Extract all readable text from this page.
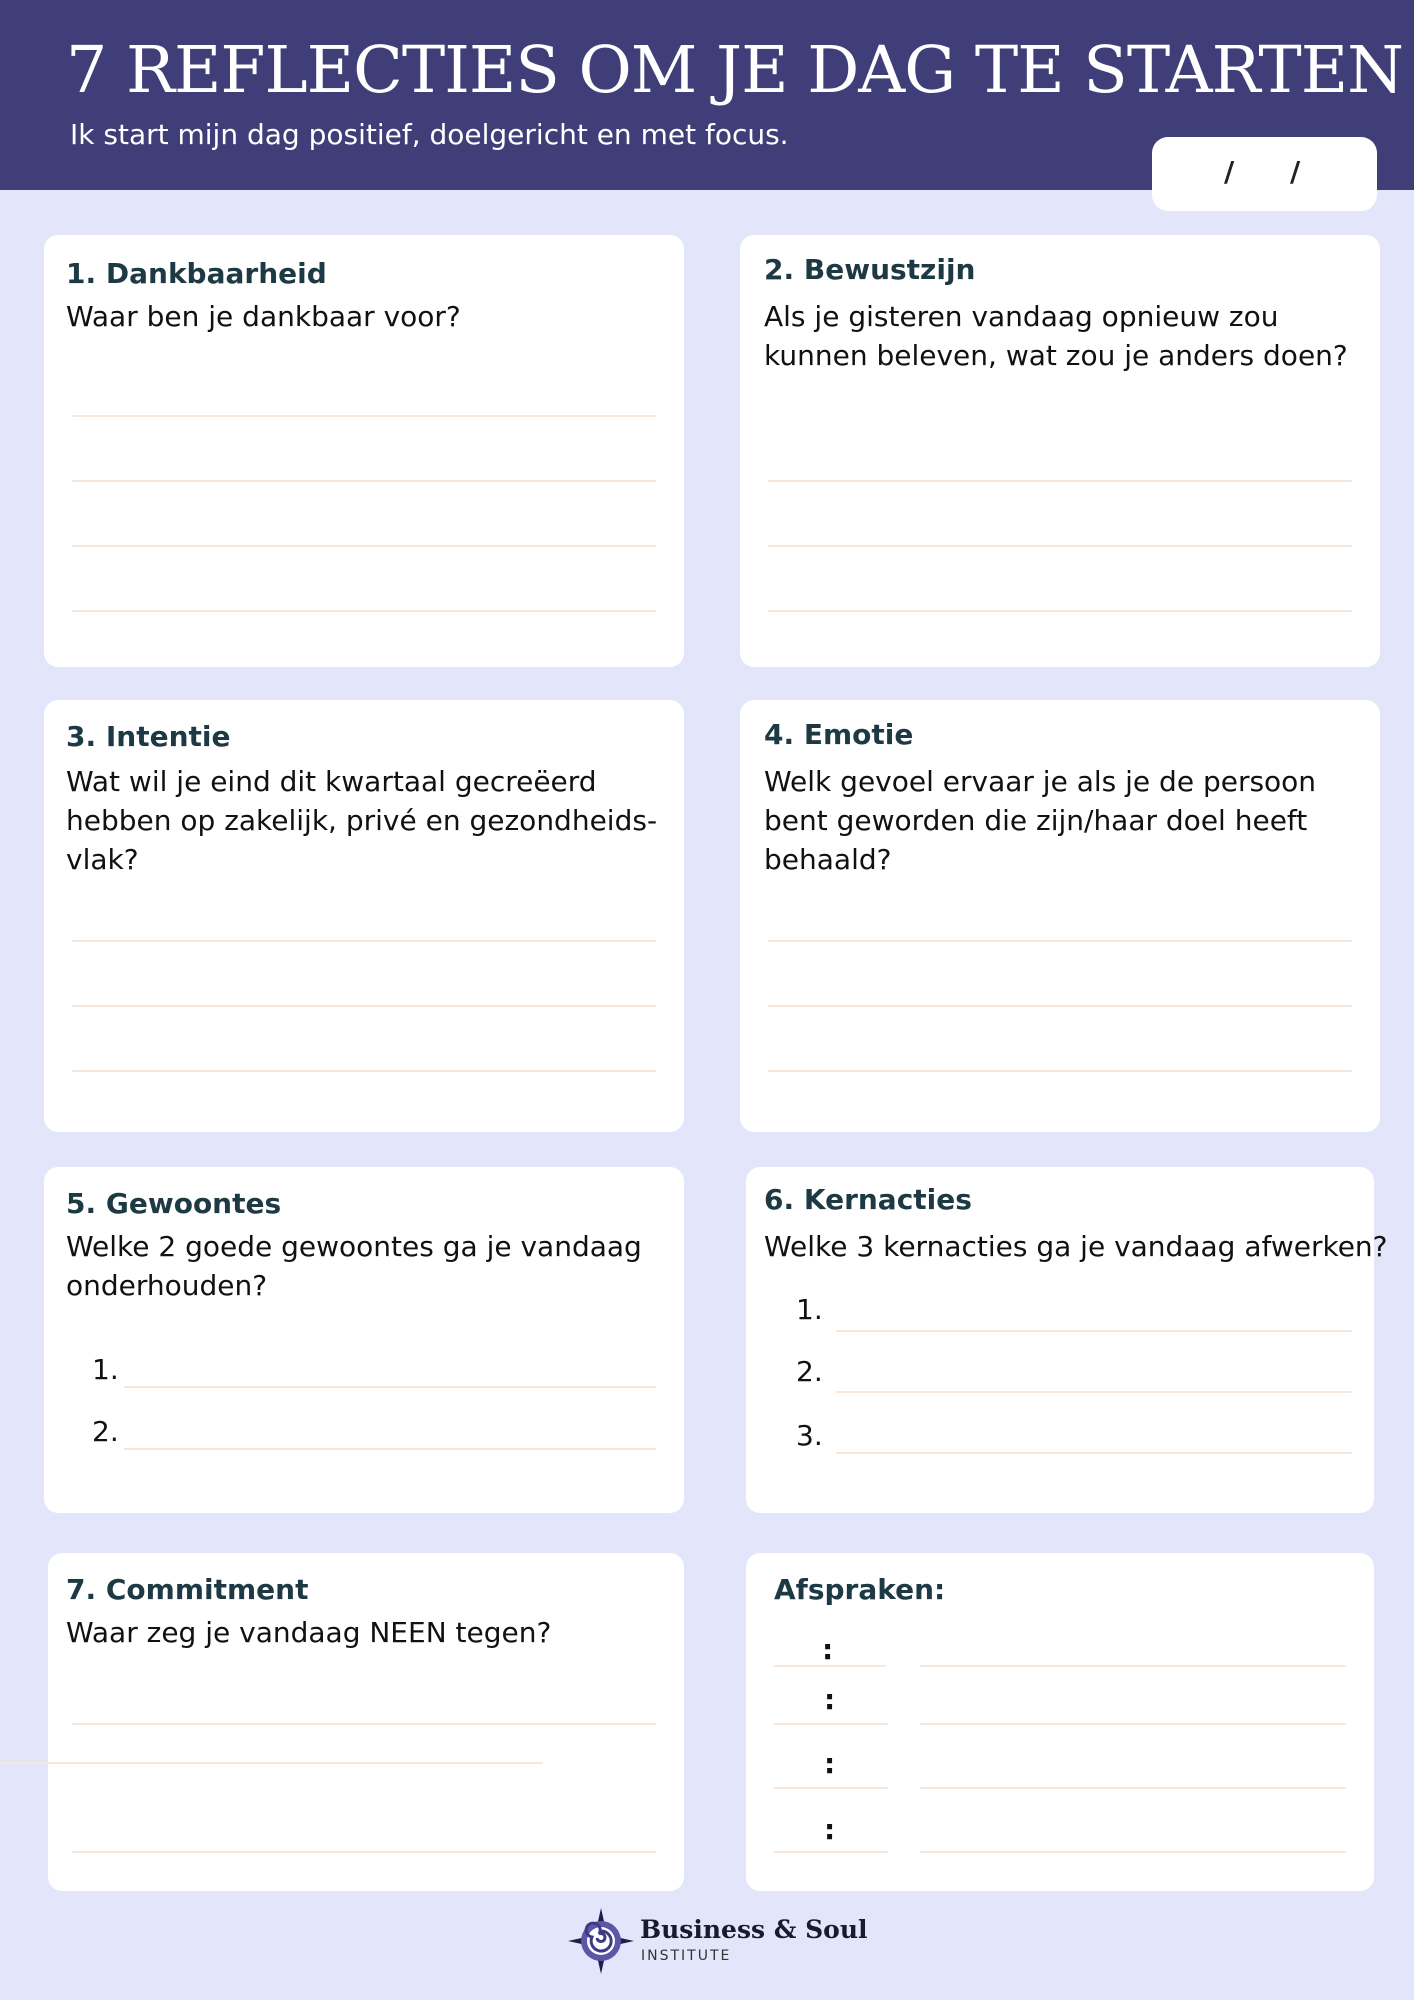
7 REFLECTIES OM JE DAG TE STARTEN
Ik start mijn dag positief, doelgericht en met focus.
/ /
1. Dankbaarheid
Waar ben je dankbaar voor?
2. Bewustzijn
Als je gisteren vandaag opnieuw zou
kunnen beleven, wat zou je anders doen?
3. Intentie
Wat wil je eind dit kwartaal gecreëerd
hebben op zakelijk, privé en gezondheids-
vlak?
4. Emotie
Welk gevoel ervaar je als je de persoon
bent geworden die zijn/haar doel heeft
behaald?
5. Gewoontes
Welke 2 goede gewoontes ga je vandaag
onderhouden?
1.
2.
6. Kernacties
Welke 3 kernacties ga je vandaag afwerken?
1.
2.
3.
7. Commitment
Waar zeg je vandaag NEEN tegen?
Afspraken:
:
:
:
:
Business & Soul
INSTITUTE
